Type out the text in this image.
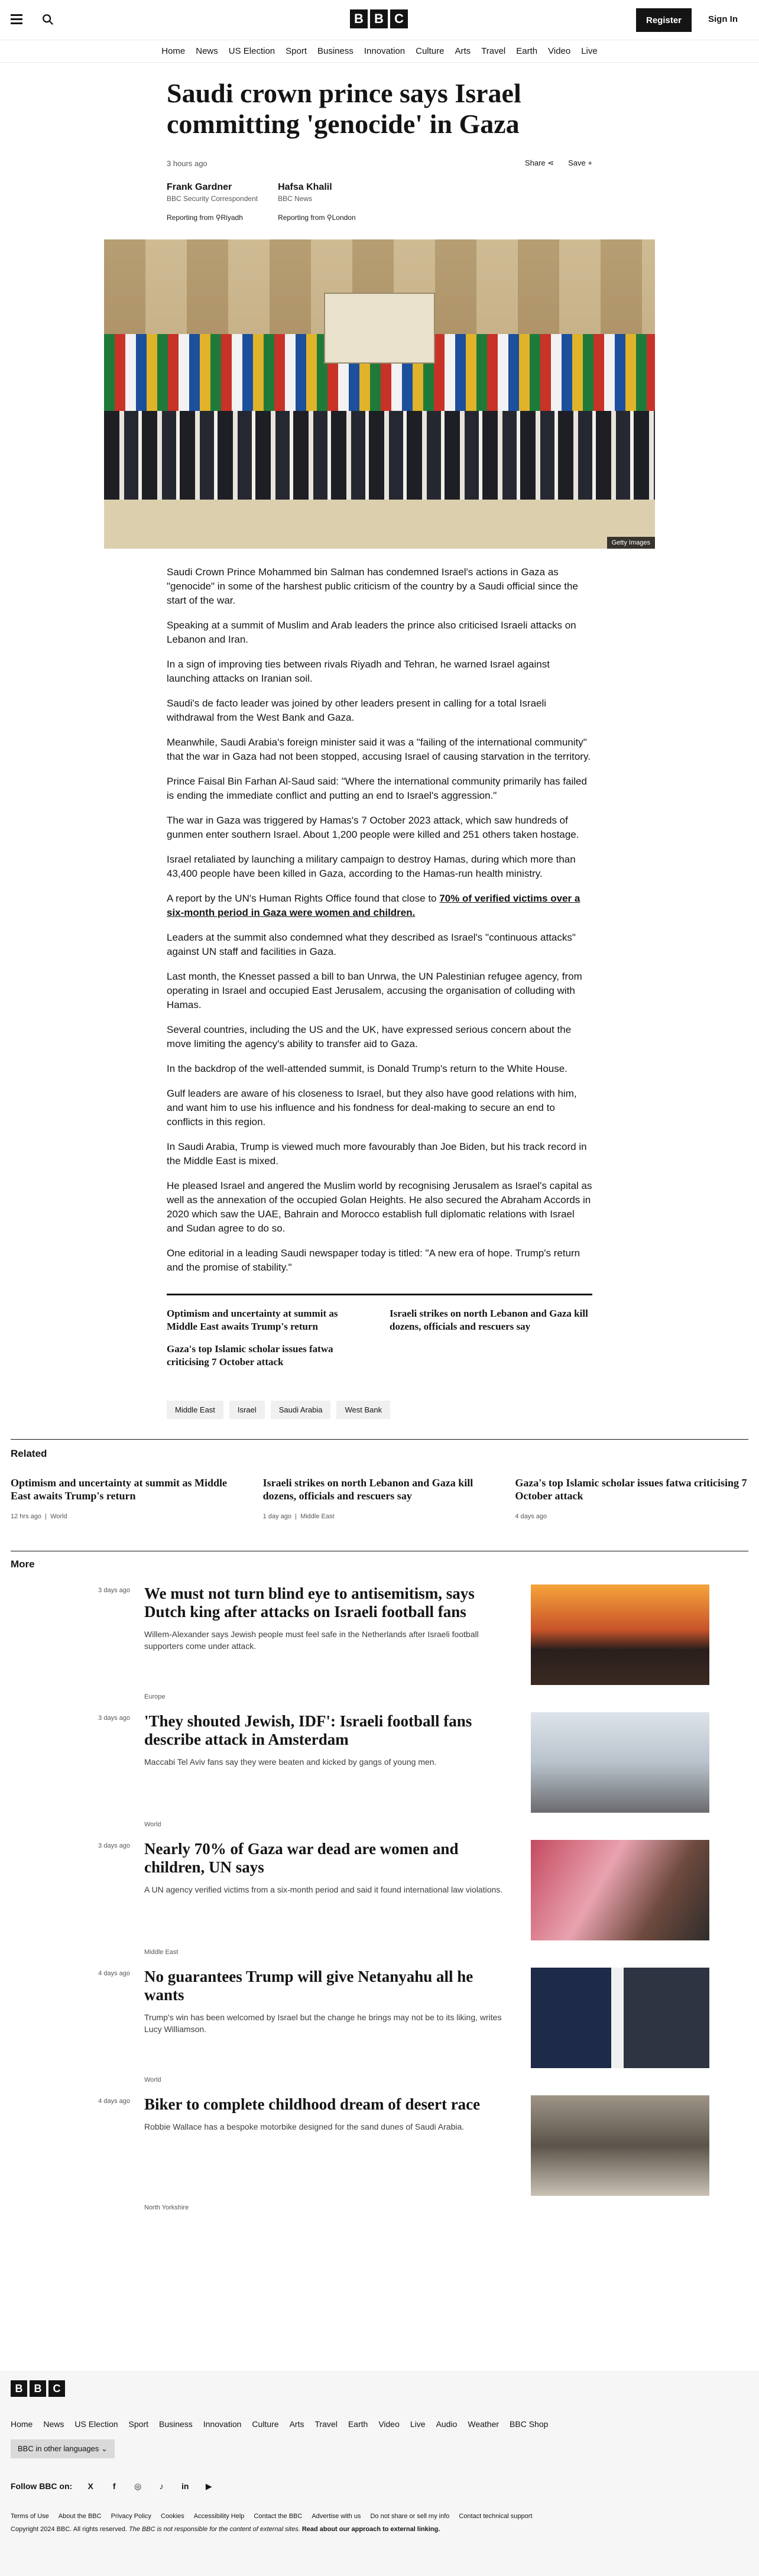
B B C	Register	Sign In
Home News US Election Sport Business Innovation Culture Arts Travel Earth Video Live
Saudi crown prince says Israel committing 'genocide' in Gaza
3 hours ago	Share ⋖ Save +
Frank Gardner
BBC Security Correspondent
Reporting from ⚲Riyadh
Hafsa Khalil
BBC News
Reporting from ⚲London
Getty Images

Saudi Crown Prince Mohammed bin Salman has condemned Israel's actions in Gaza as "genocide" in some of the harshest public criticism of the country by a Saudi official since the start of the war.

Speaking at a summit of Muslim and Arab leaders the prince also criticised Israeli attacks on Lebanon and Iran.

In a sign of improving ties between rivals Riyadh and Tehran, he warned Israel against launching attacks on Iranian soil.

Saudi's de facto leader was joined by other leaders present in calling for a total Israeli withdrawal from the West Bank and Gaza.

Meanwhile, Saudi Arabia's foreign minister said it was a "failing of the international community" that the war in Gaza had not been stopped, accusing Israel of causing starvation in the territory.

Prince Faisal Bin Farhan Al-Saud said: "Where the international community primarily has failed is ending the immediate conflict and putting an end to Israel's aggression."

The war in Gaza was triggered by Hamas's 7 October 2023 attack, which saw hundreds of gunmen enter southern Israel. About 1,200 people were killed and 251 others taken hostage.

Israel retaliated by launching a military campaign to destroy Hamas, during which more than 43,400 people have been killed in Gaza, according to the Hamas-run health ministry.

A report by the UN's Human Rights Office found that close to 70% of verified victims over a six-month period in Gaza were women and children.

Leaders at the summit also condemned what they described as Israel's "continuous attacks" against UN staff and facilities in Gaza.

Last month, the Knesset passed a bill to ban Unrwa, the UN Palestinian refugee agency, from operating in Israel and occupied East Jerusalem, accusing the organisation of colluding with Hamas.

Several countries, including the US and the UK, have expressed serious concern about the move limiting the agency's ability to transfer aid to Gaza.

In the backdrop of the well-attended summit, is Donald Trump's return to the White House.

Gulf leaders are aware of his closeness to Israel, but they also have good relations with him, and want him to use his influence and his fondness for deal-making to secure an end to conflicts in this region.

In Saudi Arabia, Trump is viewed much more favourably than Joe Biden, but his track record in the Middle East is mixed.

He pleased Israel and angered the Muslim world by recognising Jerusalem as Israel's capital as well as the annexation of the occupied Golan Heights. He also secured the Abraham Accords in 2020 which saw the UAE, Bahrain and Morocco establish full diplomatic relations with Israel and Sudan agree to do so.

One editorial in a leading Saudi newspaper today is titled: "A new era of hope. Trump's return and the promise of stability."

Optimism and uncertainty at summit as Middle East awaits Trump's return
Israeli strikes on north Lebanon and Gaza kill dozens, officials and rescuers say
Gaza's top Islamic scholar issues fatwa criticising 7 October attack
Middle East	Israel	Saudi Arabia	West Bank
Related
Optimism and uncertainty at summit as Middle East awaits Trump's return
12 hrs ago  |  World
Israeli strikes on north Lebanon and Gaza kill dozens, officials and rescuers say
1 day ago  |  Middle East
Gaza's top Islamic scholar issues fatwa criticising 7 October attack
4 days ago
More
3 days ago We must not turn blind eye to antisemitism, says Dutch king after attacks on Israeli football fans
Willem-Alexander says Jewish people must feel safe in the Netherlands after Israeli football supporters come under attack.
Europe
3 days ago 'They shouted Jewish, IDF': Israeli football fans describe attack in Amsterdam
Maccabi Tel Aviv fans say they were beaten and kicked by gangs of young men.
World
3 days ago Nearly 70% of Gaza war dead are women and children, UN says
A UN agency verified victims from a six-month period and said it found international law violations.
Middle East
4 days ago No guarantees Trump will give Netanyahu all he wants
Trump's win has been welcomed by Israel but the change he brings may not be to its liking, writes Lucy Williamson.
World
4 days ago Biker to complete childhood dream of desert race
Robbie Wallace has a bespoke motorbike designed for the sand dunes of Saudi Arabia.
North Yorkshire
B	B	C
Home News US Election Sport Business Innovation Culture Arts Travel Earth Video Live Audio Weather BBC Shop
BBC in other languages ⌄
Follow BBC on:	X	f	◎	♪	in ▶
Terms of Use About the BBC Privacy Policy Cookies Accessibility Help Contact the BBC Advertise with us Do not share or sell my info Contact technical support
Copyright 2024 BBC. All rights reserved. The BBC is not responsible for the content of external sites. Read about our approach to external linking.
